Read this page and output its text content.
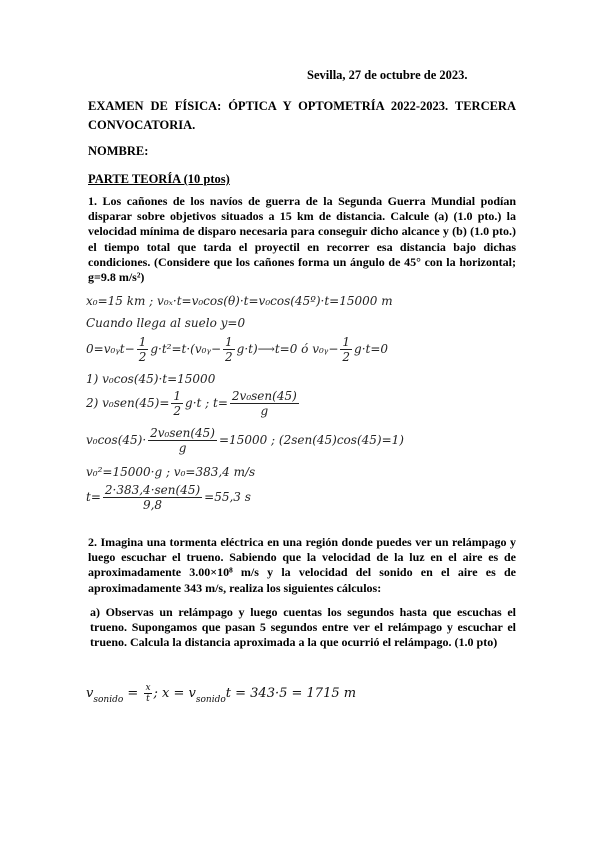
Sevilla, 27 de octubre de 2023.
EXAMEN DE FÍSICA: ÓPTICA Y OPTOMETRÍA 2022-2023. TERCERA
CONVOCATORIA.
NOMBRE:
PARTE TEORÍA (10 ptos)
1. Los cañones de los navíos de guerra de la Segunda Guerra Mundial podían
disparar sobre objetivos situados a 15 km de distancia. Calcule (a) (1.0 pto.) la
velocidad mínima de disparo necesaria para conseguir dicho alcance y (b) (1.0 pto.)
el tiempo total que tarda el proyectil en recorrer esa distancia bajo dichas
condiciones. (Considere que los cañones forma un ángulo de 45° con la horizontal;
g=9.8 m/s²)
x₀=15 km ; v₀ₓ·t=v₀cos(θ)·t=v₀cos(45º)·t=15000 m
Cuando llega al suelo y=0
0=v₀ᵧt− $\frac{1}{2}$ g·t²=t·(v₀ᵧ− $\frac{1}{2}$ g·t)⟶t=0 ó v₀ᵧ− $\frac{1}{2} g\cdot t=0$
1) v₀cos(45)·t=15000
2) $v_0sen(45)= \frac{1}{2} g\cdot t$ ; $t= \frac{\text{2v₀sen(45)}}{g}$
$v_0\cos(45)\cdot \frac{\text{2v₀sen(45)}}{g} =15000$ ; (2sen(45)cos(45)=1)
v₀²=15000·g ; v₀=383,4 m/s
$t= \frac{\text{2·383,4·sen(45)}}{9,8} =55,3$ s
2. Imagina una tormenta eléctrica en una región donde puedes ver un relámpago y
luego escuchar el trueno. Sabiendo que la velocidad de la luz en el aire es de
aproximadamente 3.00×10⁸ m/s y la velocidad del sonido en el aire es de
aproximadamente 343 m/s, realiza los siguientes cálculos:
a) Observas un relámpago y luego cuentas los segundos hasta que escuchas el
trueno. Supongamos que pasan 5 segundos entre ver el relámpago y escuchar el
trueno. Calcula la distancia aproximada a la que ocurrió el relámpago. (1.0 pto)
$v_{sonido} = \frac{x}{t}$ ; $x = v_{sonido}t = 343\cdot 5 = 1715$ m
